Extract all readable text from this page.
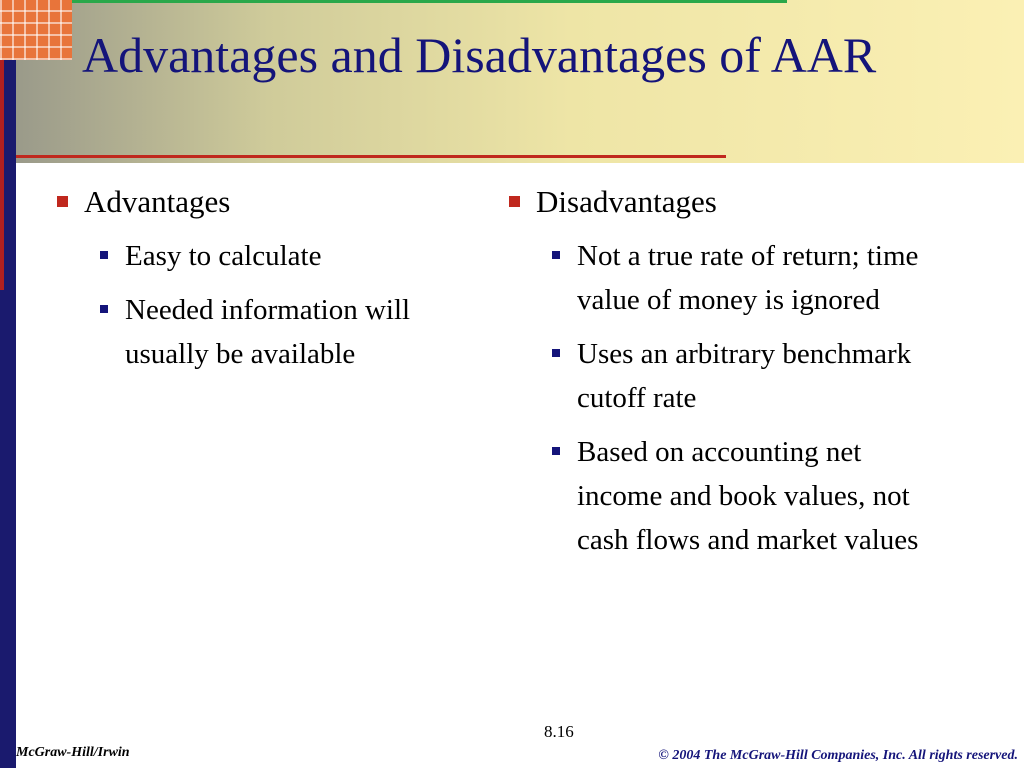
Advantages and Disadvantages of AAR
Advantages
Easy to calculate
Needed information will usually be available
Disadvantages
Not a true rate of return; time value of money is ignored
Uses an arbitrary benchmark cutoff rate
Based on accounting net income and book values, not cash flows and market values
8.16
McGraw-Hill/Irwin	© 2004 The McGraw-Hill Companies, Inc. All rights reserved.
